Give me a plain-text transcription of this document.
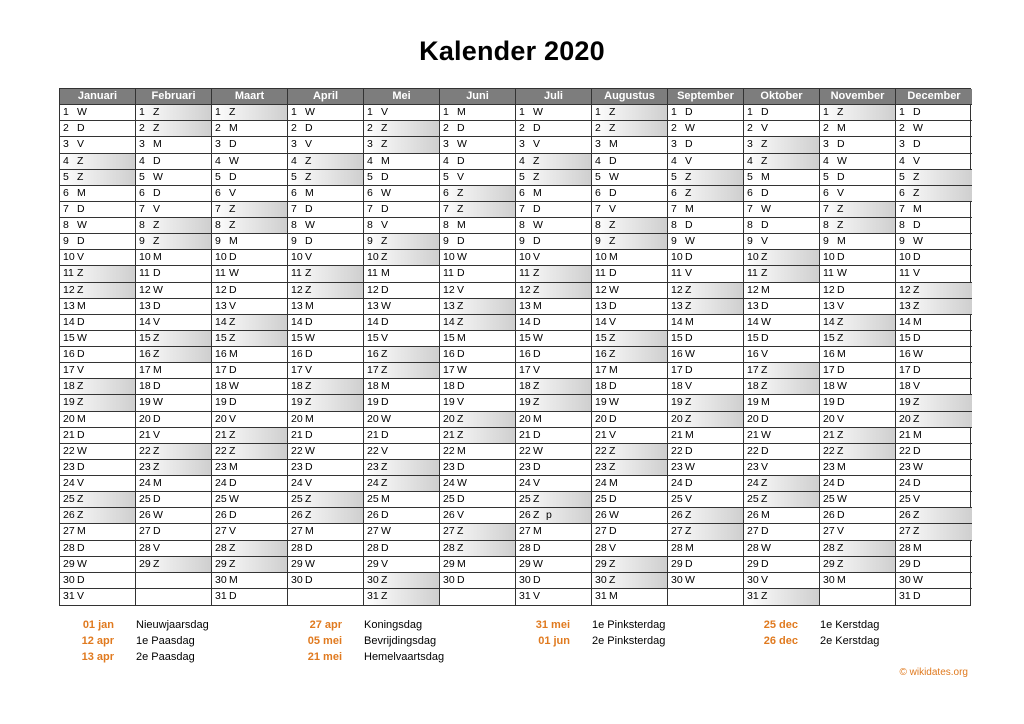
Kalender 2020
Januari
1 W
2 D
3 V
4 Z
5 Z
6 M
7 D
8 W
9 D
10 V
11 Z
12 Z
13 M
14 D
15 W
16 D
17 V
18 Z
19 Z
20 M
21 D
22 W
23 D
24 V
25 Z
26 Z
27 M
28 D
29 W
30 D
31 V
Februari
1 Z
2 Z
3 M
4 D
5 W
6 D
7 V
8 Z
9 Z
10 M
11 D
12 W
13 D
14 V
15 Z
16 Z
17 M
18 D
19 W
20 D
21 V
22 Z
23 Z
24 M
25 D
26 W
27 D
28 V
29 Z
Maart
1 Z
2 M
3 D
4 W
5 D
6 V
7 Z
8 Z
9 M
10 D
11 W
12 D
13 V
14 Z
15 Z
16 M
17 D
18 W
19 D
20 V
21 Z
22 Z
23 M
24 D
25 W
26 D
27 V
28 Z
29 Z
30 M
31 D
April
1 W
2 D
3 V
4 Z
5 Z
6 M
7 D
8 W
9 D
10 V
11 Z
12 Z
13 M
14 D
15 W
16 D
17 V
18 Z
19 Z
20 M
21 D
22 W
23 D
24 V
25 Z
26 Z
27 M
28 D
29 W
30 D
Mei
1 V
2 Z
3 Z
4 M
5 D
6 W
7 D
8 V
9 Z
10 Z
11 M
12 D
13 W
14 D
15 V
16 Z
17 Z
18 M
19 D
20 W
21 D
22 V
23 Z
24 Z
25 M
26 D
27 W
28 D
29 V
30 Z
31 Z
Juni
1 M
2 D
3 W
4 D
5 V
6 Z
7 Z
8 M
9 D
10 W
11 D
12 V
13 Z
14 Z
15 M
16 D
17 W
18 D
19 V
20 Z
21 Z
22 M
23 D
24 W
25 D
26 V
27 Z
28 Z
29 M
30 D
Juli
1 W
2 D
3 V
4 Z
5 Z
6 M
7 D
8 W
9 D
10 V
11 Z
12 Z
13 M
14 D
15 W
16 D
17 V
18 Z
19 Z
20 M
21 D
22 W
23 D
24 V
25 Z
26 Z p
27 M
28 D
29 W
30 D
31 V
Augustus
1 Z
2 Z
3 M
4 D
5 W
6 D
7 V
8 Z
9 Z
10 M
11 D
12 W
13 D
14 V
15 Z
16 Z
17 M
18 D
19 W
20 D
21 V
22 Z
23 Z
24 M
25 D
26 W
27 D
28 V
29 Z
30 Z
31 M
September
1 D
2 W
3 D
4 V
5 Z
6 Z
7 M
8 D
9 W
10 D
11 V
12 Z
13 Z
14 M
15 D
16 W
17 D
18 V
19 Z
20 Z
21 M
22 D
23 W
24 D
25 V
26 Z
27 Z
28 M
29 D
30 W
Oktober
1 D
2 V
3 Z
4 Z
5 M
6 D
7 W
8 D
9 V
10 Z
11 Z
12 M
13 D
14 W
15 D
16 V
17 Z
18 Z
19 M
20 D
21 W
22 D
23 V
24 Z
25 Z
26 M
27 D
28 W
29 D
30 V
31 Z
November
1 Z
2 M
3 D
4 W
5 D
6 V
7 Z
8 Z
9 M
10 D
11 W
12 D
13 V
14 Z
15 Z
16 M
17 D
18 W
19 D
20 V
21 Z
22 Z
23 M
24 D
25 W
26 D
27 V
28 Z
29 Z
30 M
December
1 D
2 W
3 D
4 V
5 Z
6 Z
7 M
8 D
9 W
10 D
11 V
12 Z
13 Z
14 M
15 D
16 W
17 D
18 V
19 Z
20 Z
21 M
22 D
23 W
24 D
25 V
26 Z
27 Z
28 M
29 D
30 W
31 D
01 jan Nieuwjaarsdag
12 apr 1e Paasdag
13 apr 2e Paasdag
27 apr Koningsdag
05 mei Bevrijdingsdag
21 mei Hemelvaartsdag
31 mei 1e Pinksterdag
01 jun 2e Pinksterdag
25 dec 1e Kerstdag
26 dec 2e Kerstdag
© wikidates.org
